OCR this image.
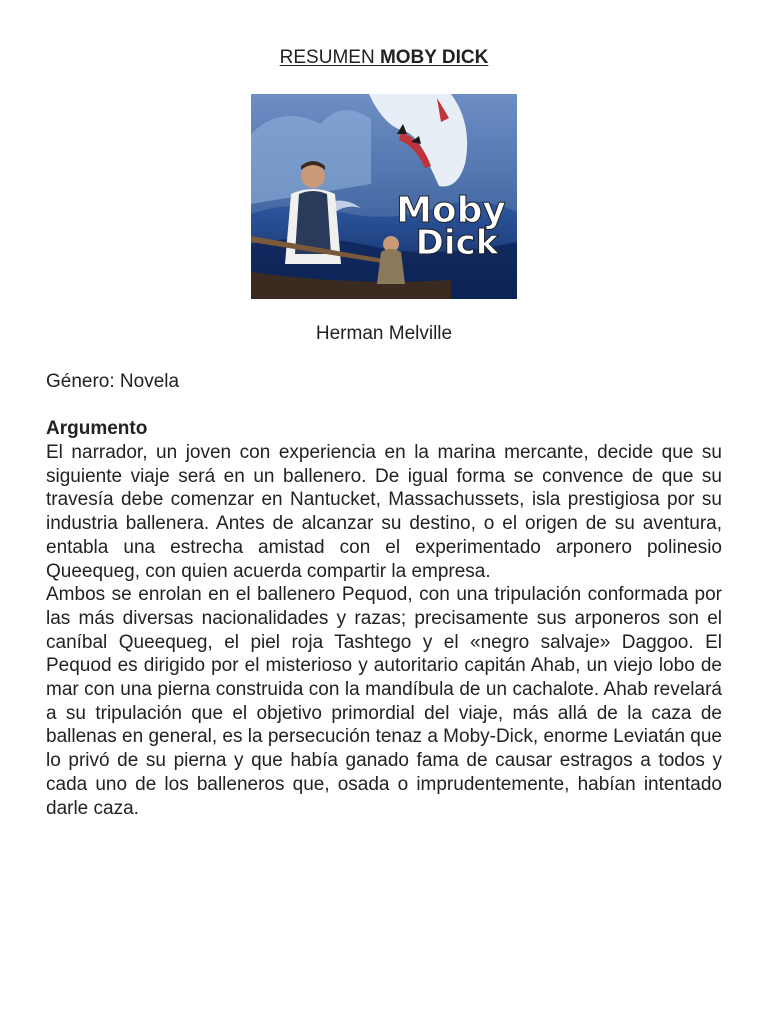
RESUMEN MOBY DICK
Moby
Dick
Herman Melville
Género: Novela
Argumento

El narrador, un joven con experiencia en la marina mercante, decide que su siguiente viaje será en un ballenero. De igual forma se convence de que su travesía debe comenzar en Nantucket, Massachussets, isla prestigiosa por su industria ballenera. Antes de alcanzar su destino, o el origen de su aventura, entabla una estrecha amistad con el experimentado arponero polinesio Queequeg, con quien acuerda compartir la empresa.

Ambos se enrolan en el ballenero Pequod, con una tripulación conformada por las más diversas nacionalidades y razas; precisamente sus arponeros son el caníbal Queequeg, el piel roja Tashtego y el «negro salvaje» Daggoo. El Pequod es dirigido por el misterioso y autoritario capitán Ahab, un viejo lobo de mar con una pierna construida con la mandíbula de un cachalote. Ahab revelará a su tripulación que el objetivo primordial del viaje, más allá de la caza de ballenas en general, es la persecución tenaz a Moby-Dick, enorme Leviatán que lo privó de su pierna y que había ganado fama de causar estragos a todos y cada uno de los balleneros que, osada o imprudentemente, habían intentado darle caza.
